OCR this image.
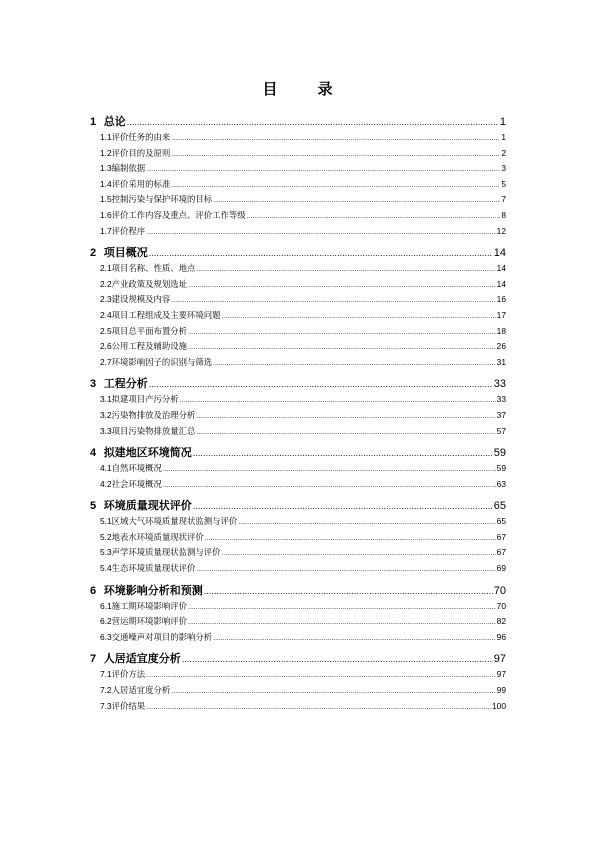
目	录
1 总论 .....	1
1.1评价任务的由来 .....	1
1.2评价目的及原则 .....	2
1.3编制依据 .....	3
1.4评价采用的标准 .....	5
1.5控制污染与保护环境的目标 .....	7
1.6评价工作内容及重点、评价工作等级 .....	8
1.7评价程序 .....	12
2 项目概况 .....	14
2.1项目名称、性质、地点 .....	14
2.2产业政策及规划选址 .....	14
2.3建设规模及内容 .....	16
2.4项目工程组成及主要环境问题 .....	17
2.5项目总平面布置分析 .....	18
2.6公用工程及辅助设施 .....	26
2.7环境影响因子的识别与筛选 .....	31
3 工程分析 .....	33
3.1拟建项目产污分析 .....	33
3.2污染物排放及治理分析 .....	37
3.3项目污染物排放量汇总 .....	57
4 拟建地区环境简况 .....	59
4.1自然环境概况 .....	59
4.2社会环境概况 .....	63
5 环境质量现状评价 .....	65
5.1区域大气环境质量现状监测与评价 .....	65
5.2地表水环境质量现状评价 .....	67
5.3声学环境质量现状监测与评价 .....	67
5.4生态环境质量现状评价 .....	69
6 环境影响分析和预测 .....	70
6.1施工期环境影响评价 .....	70
6.2营运期环境影响评价 .....	82
6.3交通噪声对项目的影响分析 .....	96
7 人居适宜度分析 .....	97
7.1评价方法 .....	97
7.2人居适宜度分析 .....	99
7.3评价结果 .....	100
